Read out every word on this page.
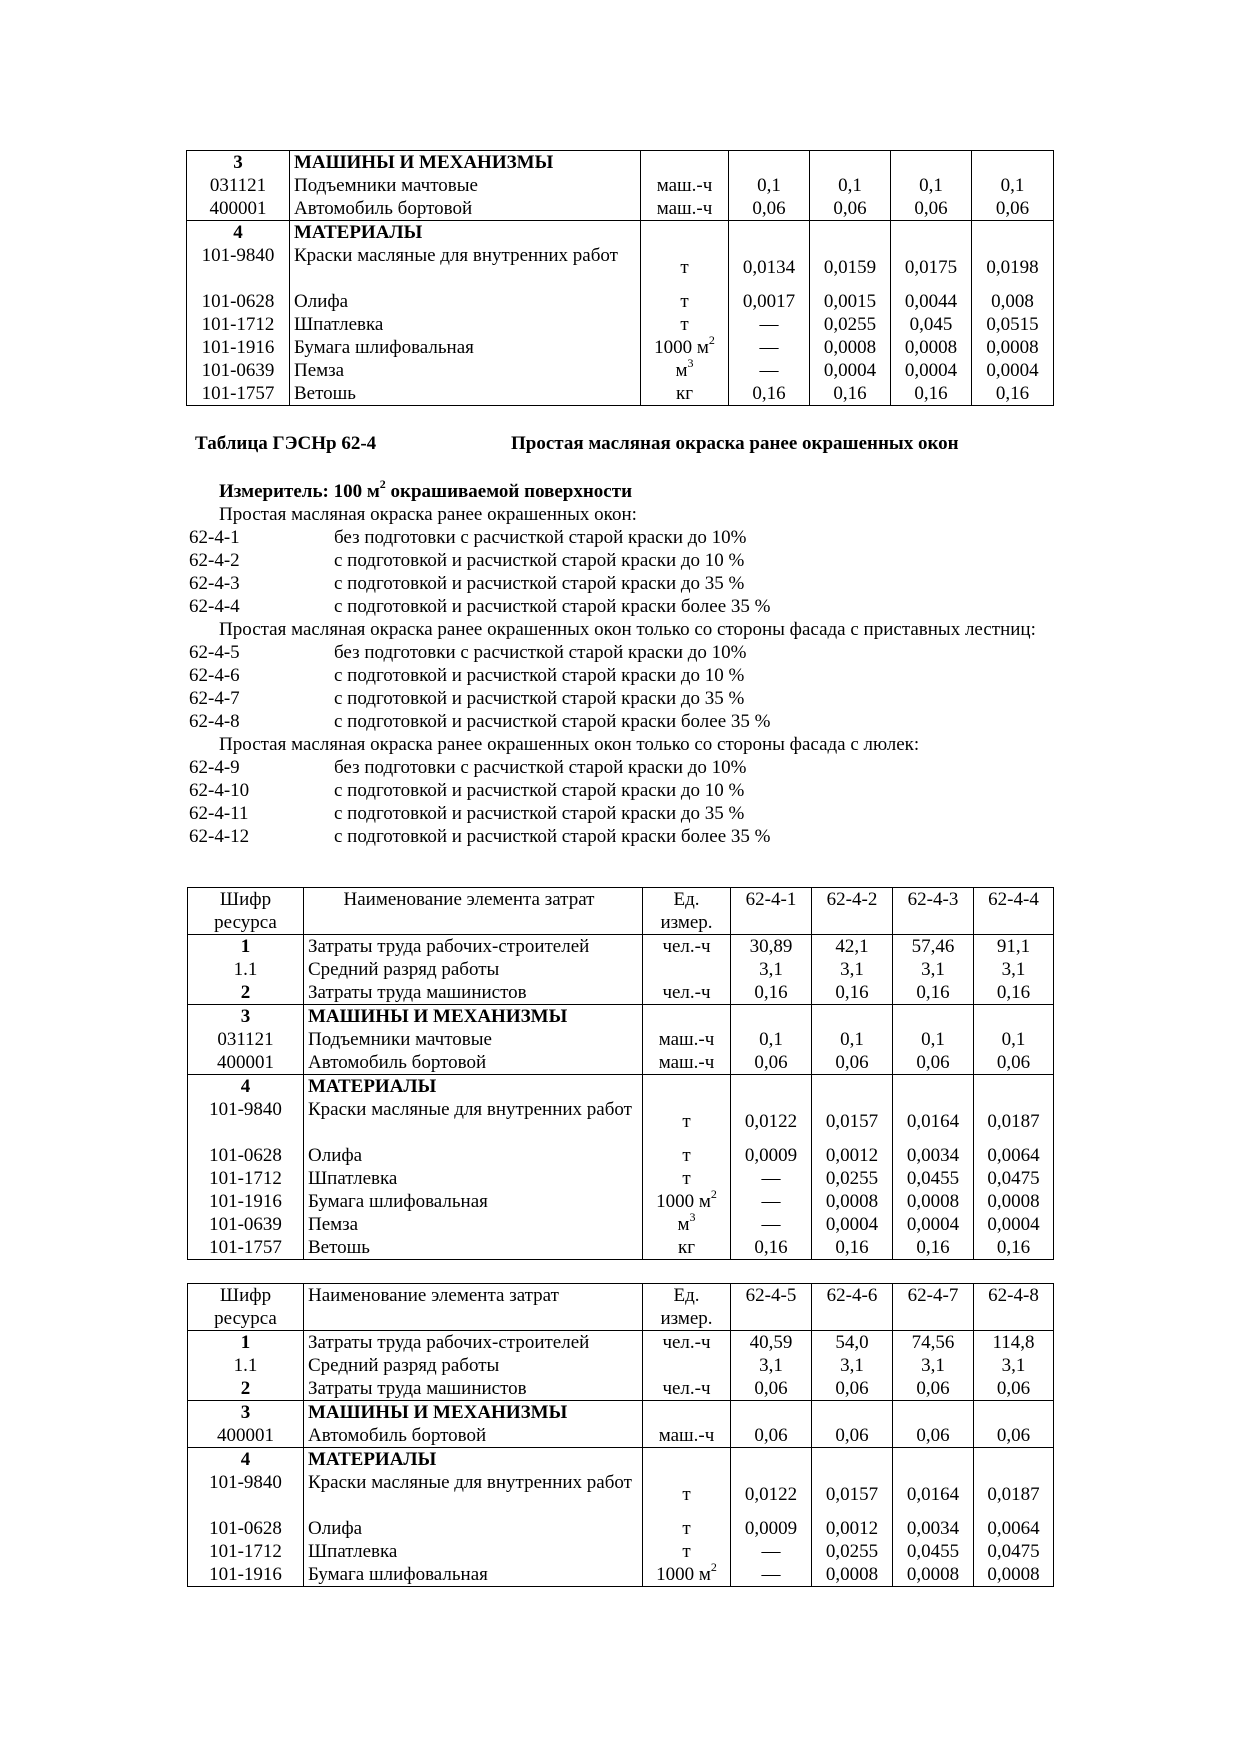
3	МАШИНЫ И МЕХАНИЗМЫ					
031121	Подъемники мачтовые	маш.-ч	0,1	0,1	0,1	0,1
400001	Автомобиль бортовой	маш.-ч	0,06	0,06	0,06	0,06
4	МАТЕРИАЛЫ					
101-9840	Краски масляные для внутренних работ	т	0,0134	0,0159	0,0175	0,0198
101-0628	Олифа	т	0,0017	0,0015	0,0044	0,008
101-1712	Шпатлевка	т	—	0,0255	0,045	0,0515
101-1916	Бумага шлифовальная	1000 $м^2$	—	0,0008	0,0008	0,0008
101-0639	Пемза	$м^3$	—	0,0004	0,0004	0,0004
101-1757	Ветошь	кг	0,16	0,16	0,16	0,16
Таблица ГЭСНр 62-4	Простая масляная окраска ранее окрашенных окон
Измеритель: 100 $м^2$ окрашиваемой поверхности
Простая масляная окраска ранее окрашенных окон:
62-4-1	без подготовки с расчисткой старой краски до 10%
62-4-2	с подготовкой и расчисткой старой краски до 10 %
62-4-3	с подготовкой и расчисткой старой краски до 35 %
62-4-4	с подготовкой и расчисткой старой краски более 35 %
Простая масляная окраска ранее окрашенных окон только со стороны фасада с приставных лестниц:
62-4-5	без подготовки с расчисткой старой краски до 10%
62-4-6	с подготовкой и расчисткой старой краски до 10 %
62-4-7	с подготовкой и расчисткой старой краски до 35 %
62-4-8	с подготовкой и расчисткой старой краски более 35 %
Простая масляная окраска ранее окрашенных окон только со стороны фасада с люлек:
62-4-9	без подготовки с расчисткой старой краски до 10%
62-4-10	с подготовкой и расчисткой старой краски до 10 %
62-4-11	с подготовкой и расчисткой старой краски до 35 %
62-4-12	с подготовкой и расчисткой старой краски более 35 %
Шифр ресурса	Наименование элемента затрат	Ед. измер.	62-4-1	62-4-2	62-4-3	62-4-4
1	Затраты труда рабочих-строителей	чел.-ч	30,89	42,1	57,46	91,1
1.1	Средний разряд работы		3,1	3,1	3,1	3,1
2	Затраты труда машинистов	чел.-ч	0,16	0,16	0,16	0,16
3	МАШИНЫ И МЕХАНИЗМЫ					
031121	Подъемники мачтовые	маш.-ч	0,1	0,1	0,1	0,1
400001	Автомобиль бортовой	маш.-ч	0,06	0,06	0,06	0,06
4	МАТЕРИАЛЫ					
101-9840	Краски масляные для внутренних работ	т	0,0122	0,0157	0,0164	0,0187
101-0628	Олифа	т	0,0009	0,0012	0,0034	0,0064
101-1712	Шпатлевка	т	—	0,0255	0,0455	0,0475
101-1916	Бумага шлифовальная	1000 $м^2$	—	0,0008	0,0008	0,0008
101-0639	Пемза	$м^3$	—	0,0004	0,0004	0,0004
101-1757	Ветошь	кг	0,16	0,16	0,16	0,16
Шифр ресурса	Наименование элемента затрат	Ед. измер.	62-4-5	62-4-6	62-4-7	62-4-8
1	Затраты труда рабочих-строителей	чел.-ч	40,59	54,0	74,56	114,8
1.1	Средний разряд работы		3,1	3,1	3,1	3,1
2	Затраты труда машинистов	чел.-ч	0,06	0,06	0,06	0,06
3	МАШИНЫ И МЕХАНИЗМЫ					
400001	Автомобиль бортовой	маш.-ч	0,06	0,06	0,06	0,06
4	МАТЕРИАЛЫ					
101-9840	Краски масляные для внутренних работ	т	0,0122	0,0157	0,0164	0,0187
101-0628	Олифа	т	0,0009	0,0012	0,0034	0,0064
101-1712	Шпатлевка	т	—	0,0255	0,0455	0,0475
101-1916	Бумага шлифовальная	1000 $м^2$	—	0,0008	0,0008	0,0008
